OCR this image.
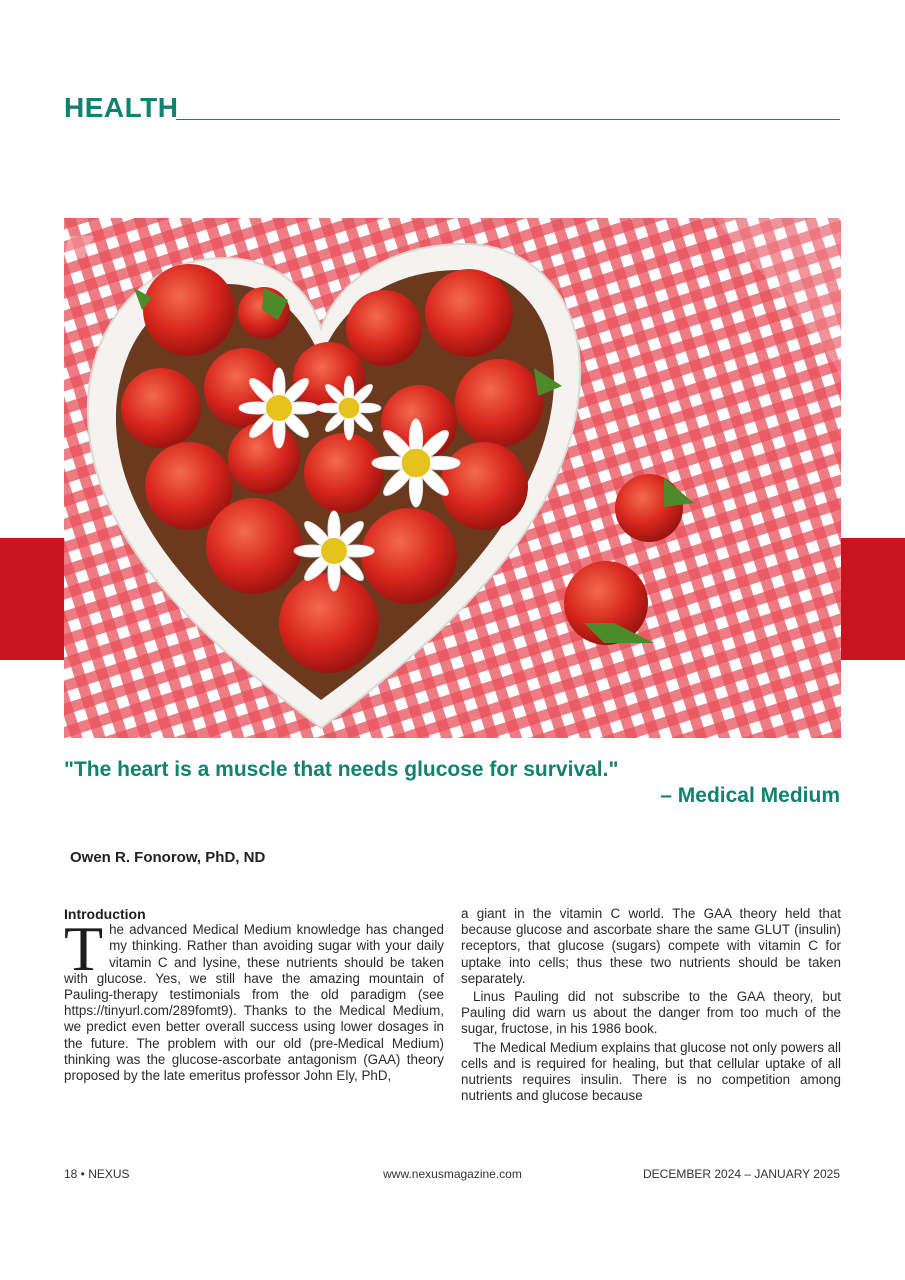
HEALTH
"The heart is a muscle that needs glucose for survival."
– Medical Medium
Owen R. Fonorow, PhD, ND
Introduction

The advanced Medical Medium knowledge has changed my thinking. Rather than avoiding sugar with your daily vitamin C and lysine, these nutrients should be taken with glucose. Yes, we still have the amazing mountain of Pauling-therapy testimonials from the old paradigm (see https://tinyurl.com/289fomt9). Thanks to the Medical Medium, we predict even better overall success using lower dosages in the future. The problem with our old (pre-Medical Medium) thinking was the glucose-ascorbate antagonism (GAA) theory proposed by the late emeritus professor John Ely, PhD,

a giant in the vitamin C world. The GAA theory held that because glucose and ascorbate share the same GLUT (insulin) receptors, that glucose (sugars) compete with vitamin C for uptake into cells; thus these two nutrients should be taken separately.

Linus Pauling did not subscribe to the GAA theory, but Pauling did warn us about the danger from too much of the sugar, fructose, in his 1986 book.

The Medical Medium explains that glucose not only powers all cells and is required for healing, but that cellular uptake of all nutrients requires insulin. There is no competition among nutrients and glucose because

18 • NEXUS	www.nexusmagazine.com	DECEMBER 2024 – JANUARY 2025
